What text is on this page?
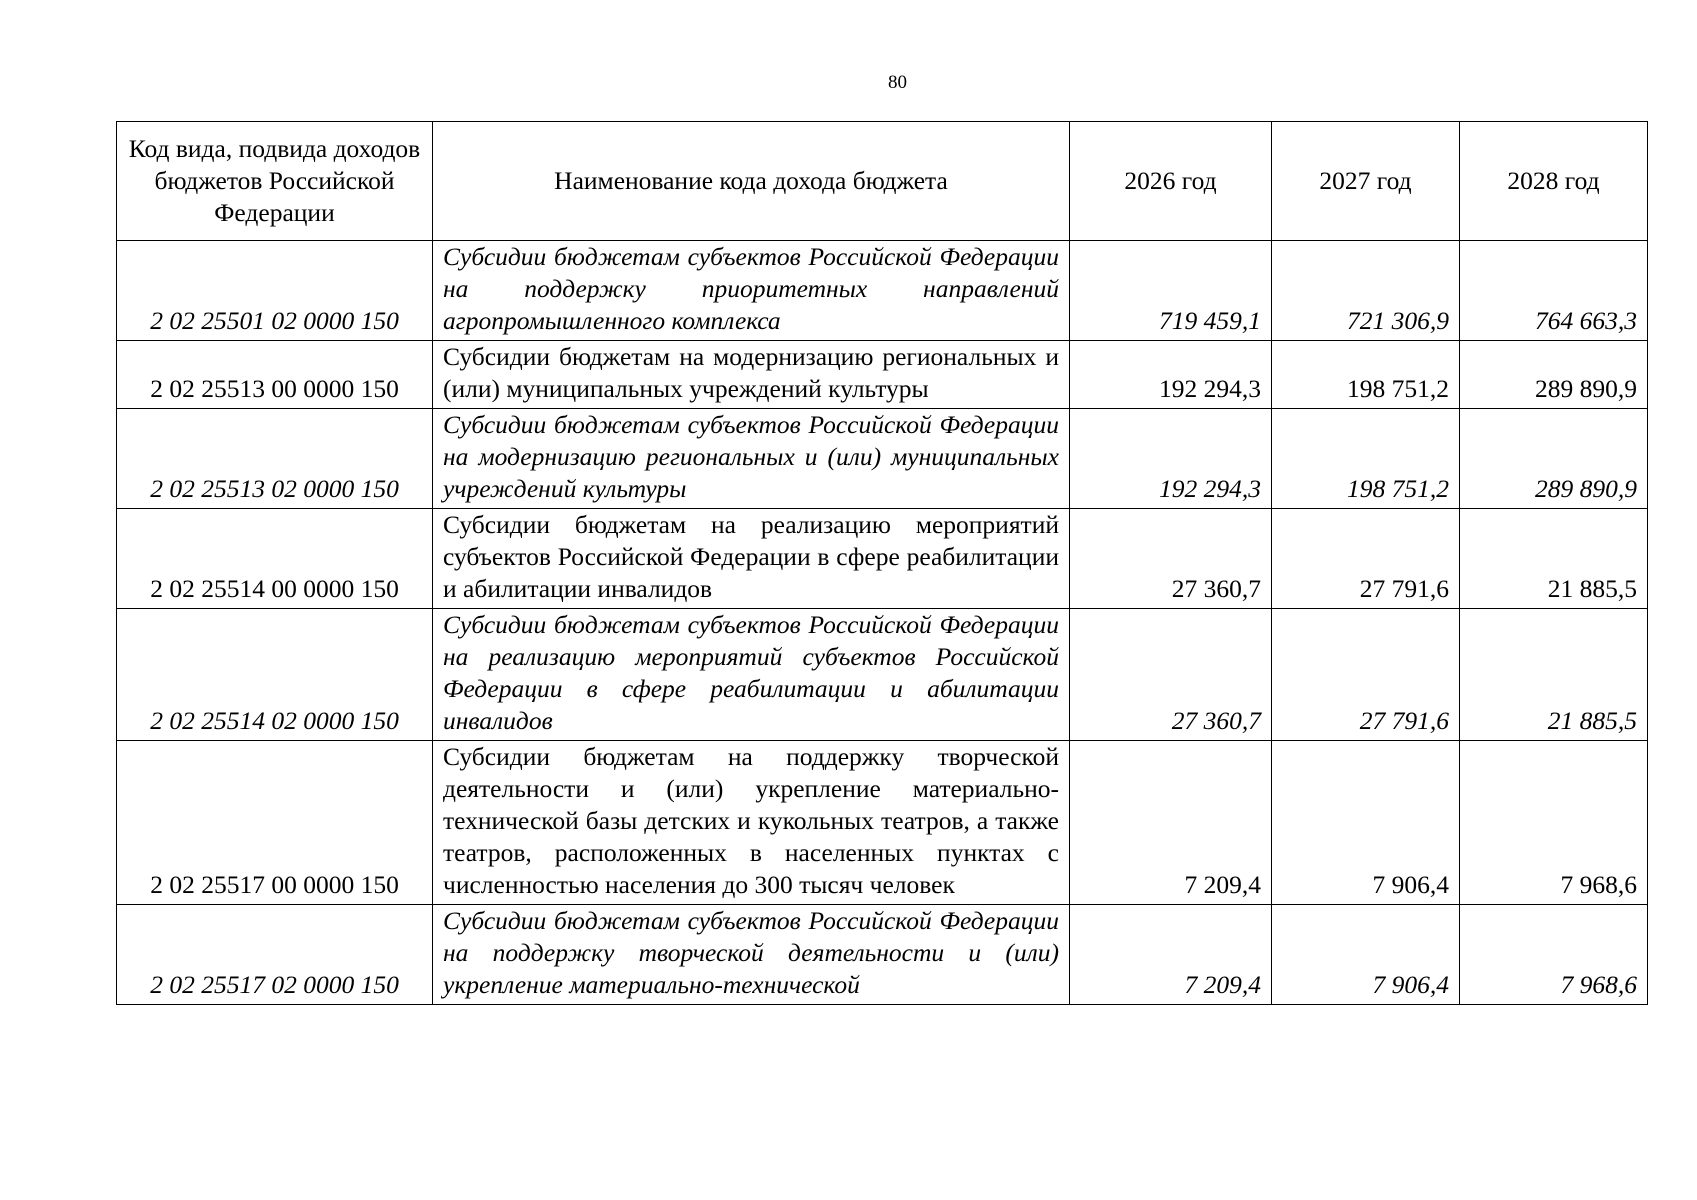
80
Код вида, подвида доходов бюджетов Российской Федерации	Наименование кода дохода бюджета	2026 год	2027 год	2028 год
2 02 25501 02 0000 150	Субсидии бюджетам субъектов Российской Федерации на поддержку приоритетных направлений агропромышленного комплекса	719 459,1	721 306,9	764 663,3
2 02 25513 00 0000 150	Субсидии бюджетам на модернизацию региональных и (или) муниципальных учреждений культуры	192 294,3	198 751,2	289 890,9
2 02 25513 02 0000 150	Субсидии бюджетам субъектов Российской Федерации на модернизацию региональных и (или) муниципальных учреждений культуры	192 294,3	198 751,2	289 890,9
2 02 25514 00 0000 150	Субсидии бюджетам на реализацию мероприятий субъектов Российской Федерации в сфере реабилитации и абилитации инвалидов	27 360,7	27 791,6	21 885,5
2 02 25514 02 0000 150	Субсидии бюджетам субъектов Российской Федерации на реализацию мероприятий субъектов Российской Федерации в сфере реабилитации и абилитации инвалидов	27 360,7	27 791,6	21 885,5
2 02 25517 00 0000 150	Субсидии бюджетам на поддержку творческой деятельности и (или) укрепление материально-технической базы детских и кукольных театров, а также театров, расположенных в населенных пунктах с численностью населения до 300 тысяч человек	7 209,4	7 906,4	7 968,6
2 02 25517 02 0000 150	Субсидии бюджетам субъектов Российской Федерации на поддержку творческой деятельности и (или) укрепление материально-технической	7 209,4	7 906,4	7 968,6
